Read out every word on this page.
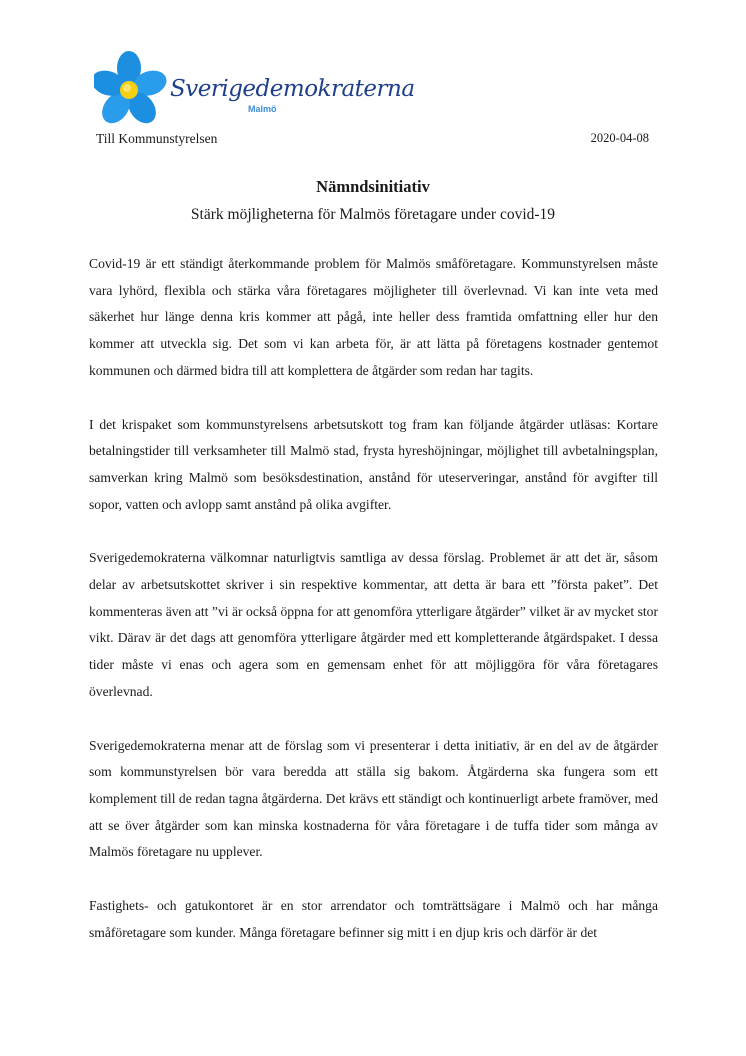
Sverigedemokraterna
Malmö
Till Kommunstyrelsen	2020-04-08
Nämndsinitiativ
Stärk möjligheterna för Malmös företagare under covid-19

Covid-19 är ett ständigt återkommande problem för Malmös småföretagare. Kommunstyrelsen måste vara lyhörd, flexibla och stärka våra företagares möjligheter till överlevnad. Vi kan inte veta med säkerhet hur länge denna kris kommer att pågå, inte heller dess framtida omfattning eller hur den kommer att utveckla sig. Det som vi kan arbeta för, är att lätta på företagens kostnader gentemot kommunen och därmed bidra till att komplettera de åtgärder som redan har tagits.

I det krispaket som kommunstyrelsens arbetsutskott tog fram kan följande åtgärder utläsas: Kortare betalningstider till verksamheter till Malmö stad, frysta hyreshöjningar, möjlighet till avbetalningsplan, samverkan kring Malmö som besöksdestination, anstånd för uteserveringar, anstånd för avgifter till sopor, vatten och avlopp samt anstånd på olika avgifter.

Sverigedemokraterna välkomnar naturligtvis samtliga av dessa förslag. Problemet är att det är, såsom delar av arbetsutskottet skriver i sin respektive kommentar, att detta är bara ett ”första paket”. Det kommenteras även att ”vi är också öppna for att genomföra ytterligare åtgärder” vilket är av mycket stor vikt. Därav är det dags att genomföra ytterligare åtgärder med ett kompletterande åtgärdspaket. I dessa tider måste vi enas och agera som en gemensam enhet för att möjliggöra för våra företagares överlevnad.

Sverigedemokraterna menar att de förslag som vi presenterar i detta initiativ, är en del av de åtgärder som kommunstyrelsen bör vara beredda att ställa sig bakom. Åtgärderna ska fungera som ett komplement till de redan tagna åtgärderna. Det krävs ett ständigt och kontinuerligt arbete framöver, med att se över åtgärder som kan minska kostnaderna för våra företagare i de tuffa tider som många av Malmös företagare nu upplever.

Fastighets- och gatukontoret är en stor arrendator och tomträttsägare i Malmö och har många småföretagare som kunder. Många företagare befinner sig mitt i en djup kris och därför är det
